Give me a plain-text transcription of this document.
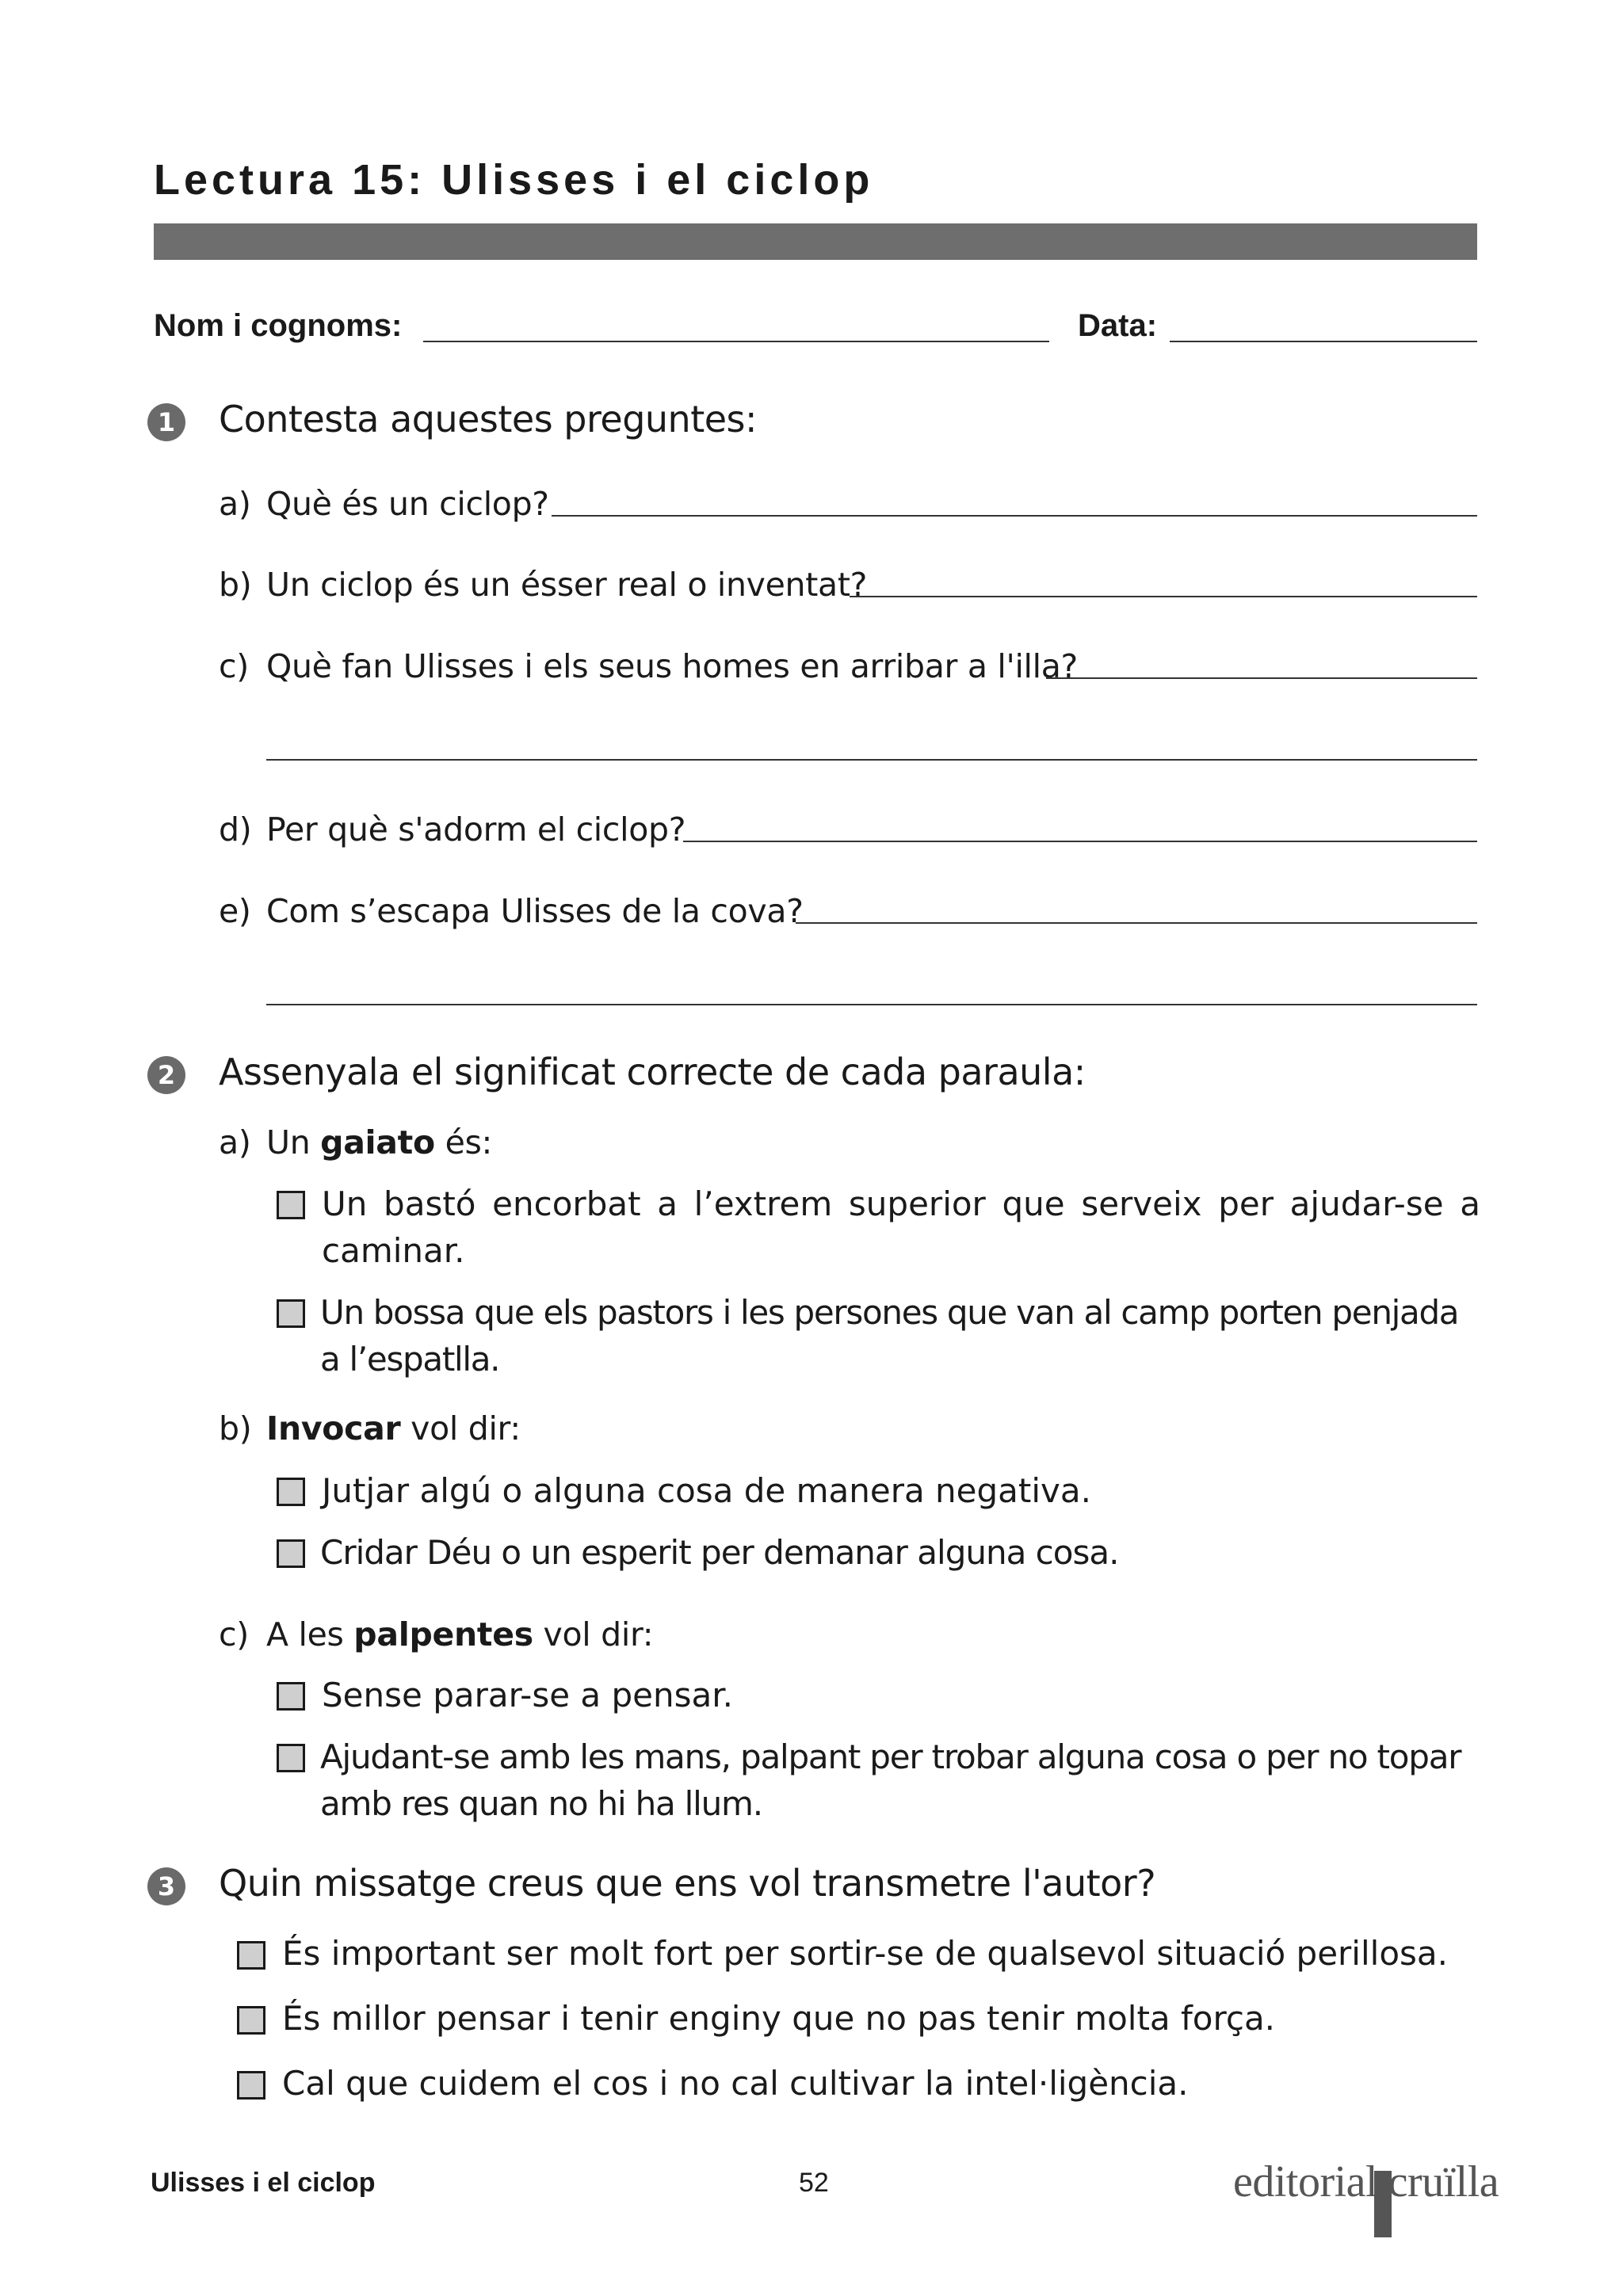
Lectura 15: Ulisses i el ciclop
Nom i cognoms:	Data:
1 Contesta aquestes preguntes:
a) Què és un ciclop?
b) Un ciclop és un ésser real o inventat?
c) Què fan Ulisses i els seus homes en arribar a l'illa?
d) Per què s'adorm el ciclop?
e) Com s’escapa Ulisses de la cova?
2 Assenyala el significat correcte de cada paraula:
a) Un gaiato és:
Un bastó encorbat a l’extrem superior que serveix per ajudar-se a caminar.
Un bossa que els pastors i les persones que van al camp porten penjada a l’espatlla.
b) Invocar vol dir:
Jutjar algú o alguna cosa de manera negativa.
Cridar Déu o un esperit per demanar alguna cosa.
c) A les palpentes vol dir:
Sense parar-se a pensar.
Ajudant-se amb les mans, palpant per trobar alguna cosa o per no topar amb res quan no hi ha llum.
3 Quin missatge creus que ens vol transmetre l'autor?
És important ser molt fort per sortir-se de qualsevol situació perillosa.
És millor pensar i tenir enginy que no pas tenir molta força.
Cal que cuidem el cos i no cal cultivar la intel·ligència.
Ulisses i el ciclop	52	editorial cruïlla
